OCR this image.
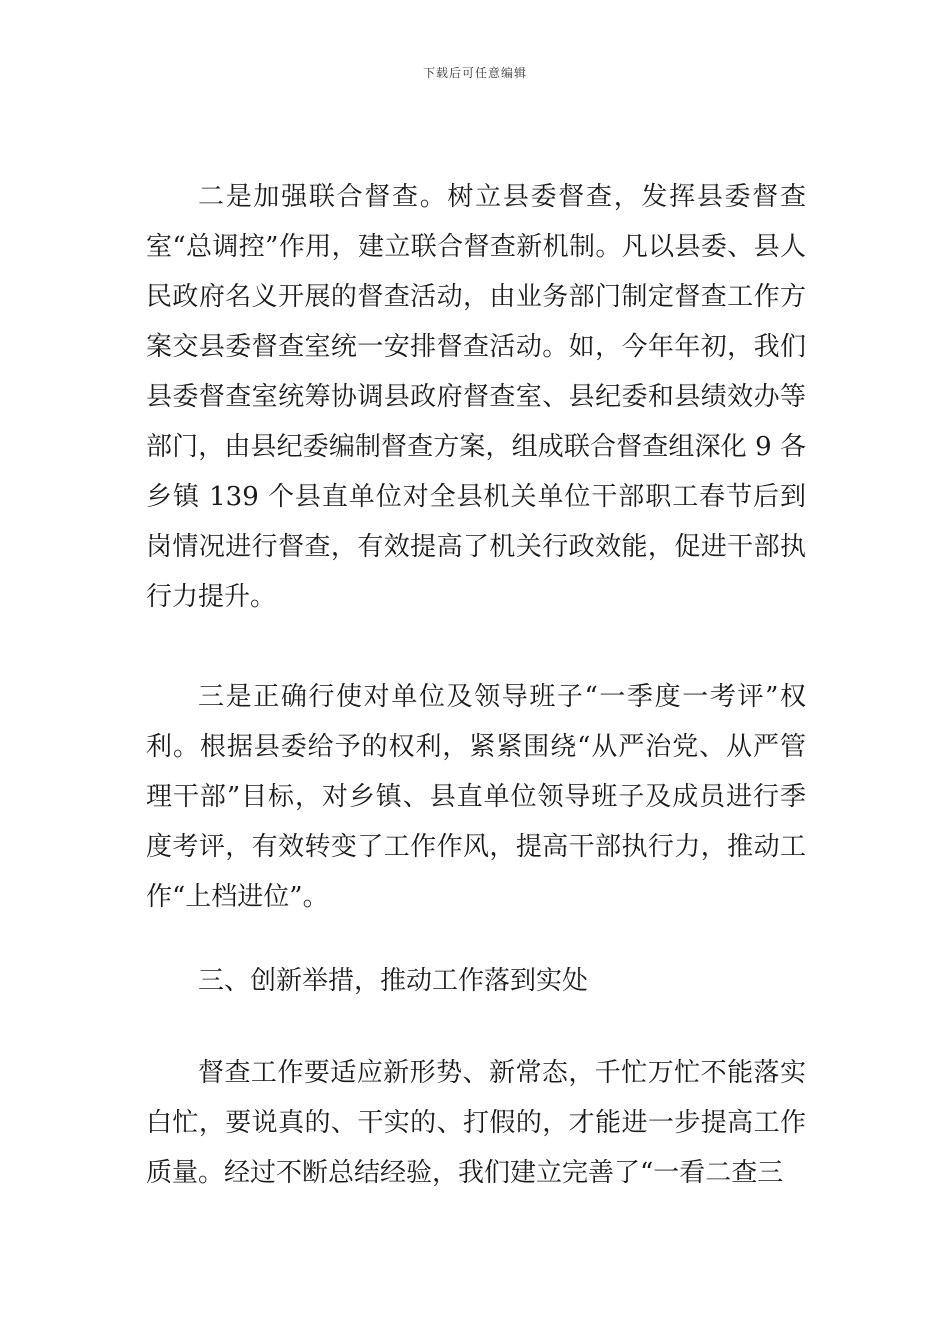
下载后可任意编辑

二是加强联合督查。树立县委督查，发挥县委督查室“总调控”作用，建立联合督查新机制。凡以县委、县人民政府名义开展的督查活动，由业务部门制定督查工作方案交县委督查室统一安排督查活动。如，今年年初，我们县委督查室统筹协调县政府督查室、县纪委和县绩效办等部门，由县纪委编制督查方案，组成联合督查组深化 9 各乡镇 139 个县直单位对全县机关单位干部职工春节后到岗情况进行督查，有效提高了机关行政效能，促进干部执行力提升。

三是正确行使对单位及领导班子“一季度一考评”权利。根据县委给予的权利，紧紧围绕“从严治党、从严管理干部”目标，对乡镇、县直单位领导班子及成员进行季度考评，有效转变了工作作风，提高干部执行力，推动工作“上档进位”。

三、创新举措，推动工作落到实处

督查工作要适应新形势、新常态，千忙万忙不能落实白忙，要说真的、干实的、打假的，才能进一步提高工作质量。经过不断总结经验，我们建立完善了“一看二查三
